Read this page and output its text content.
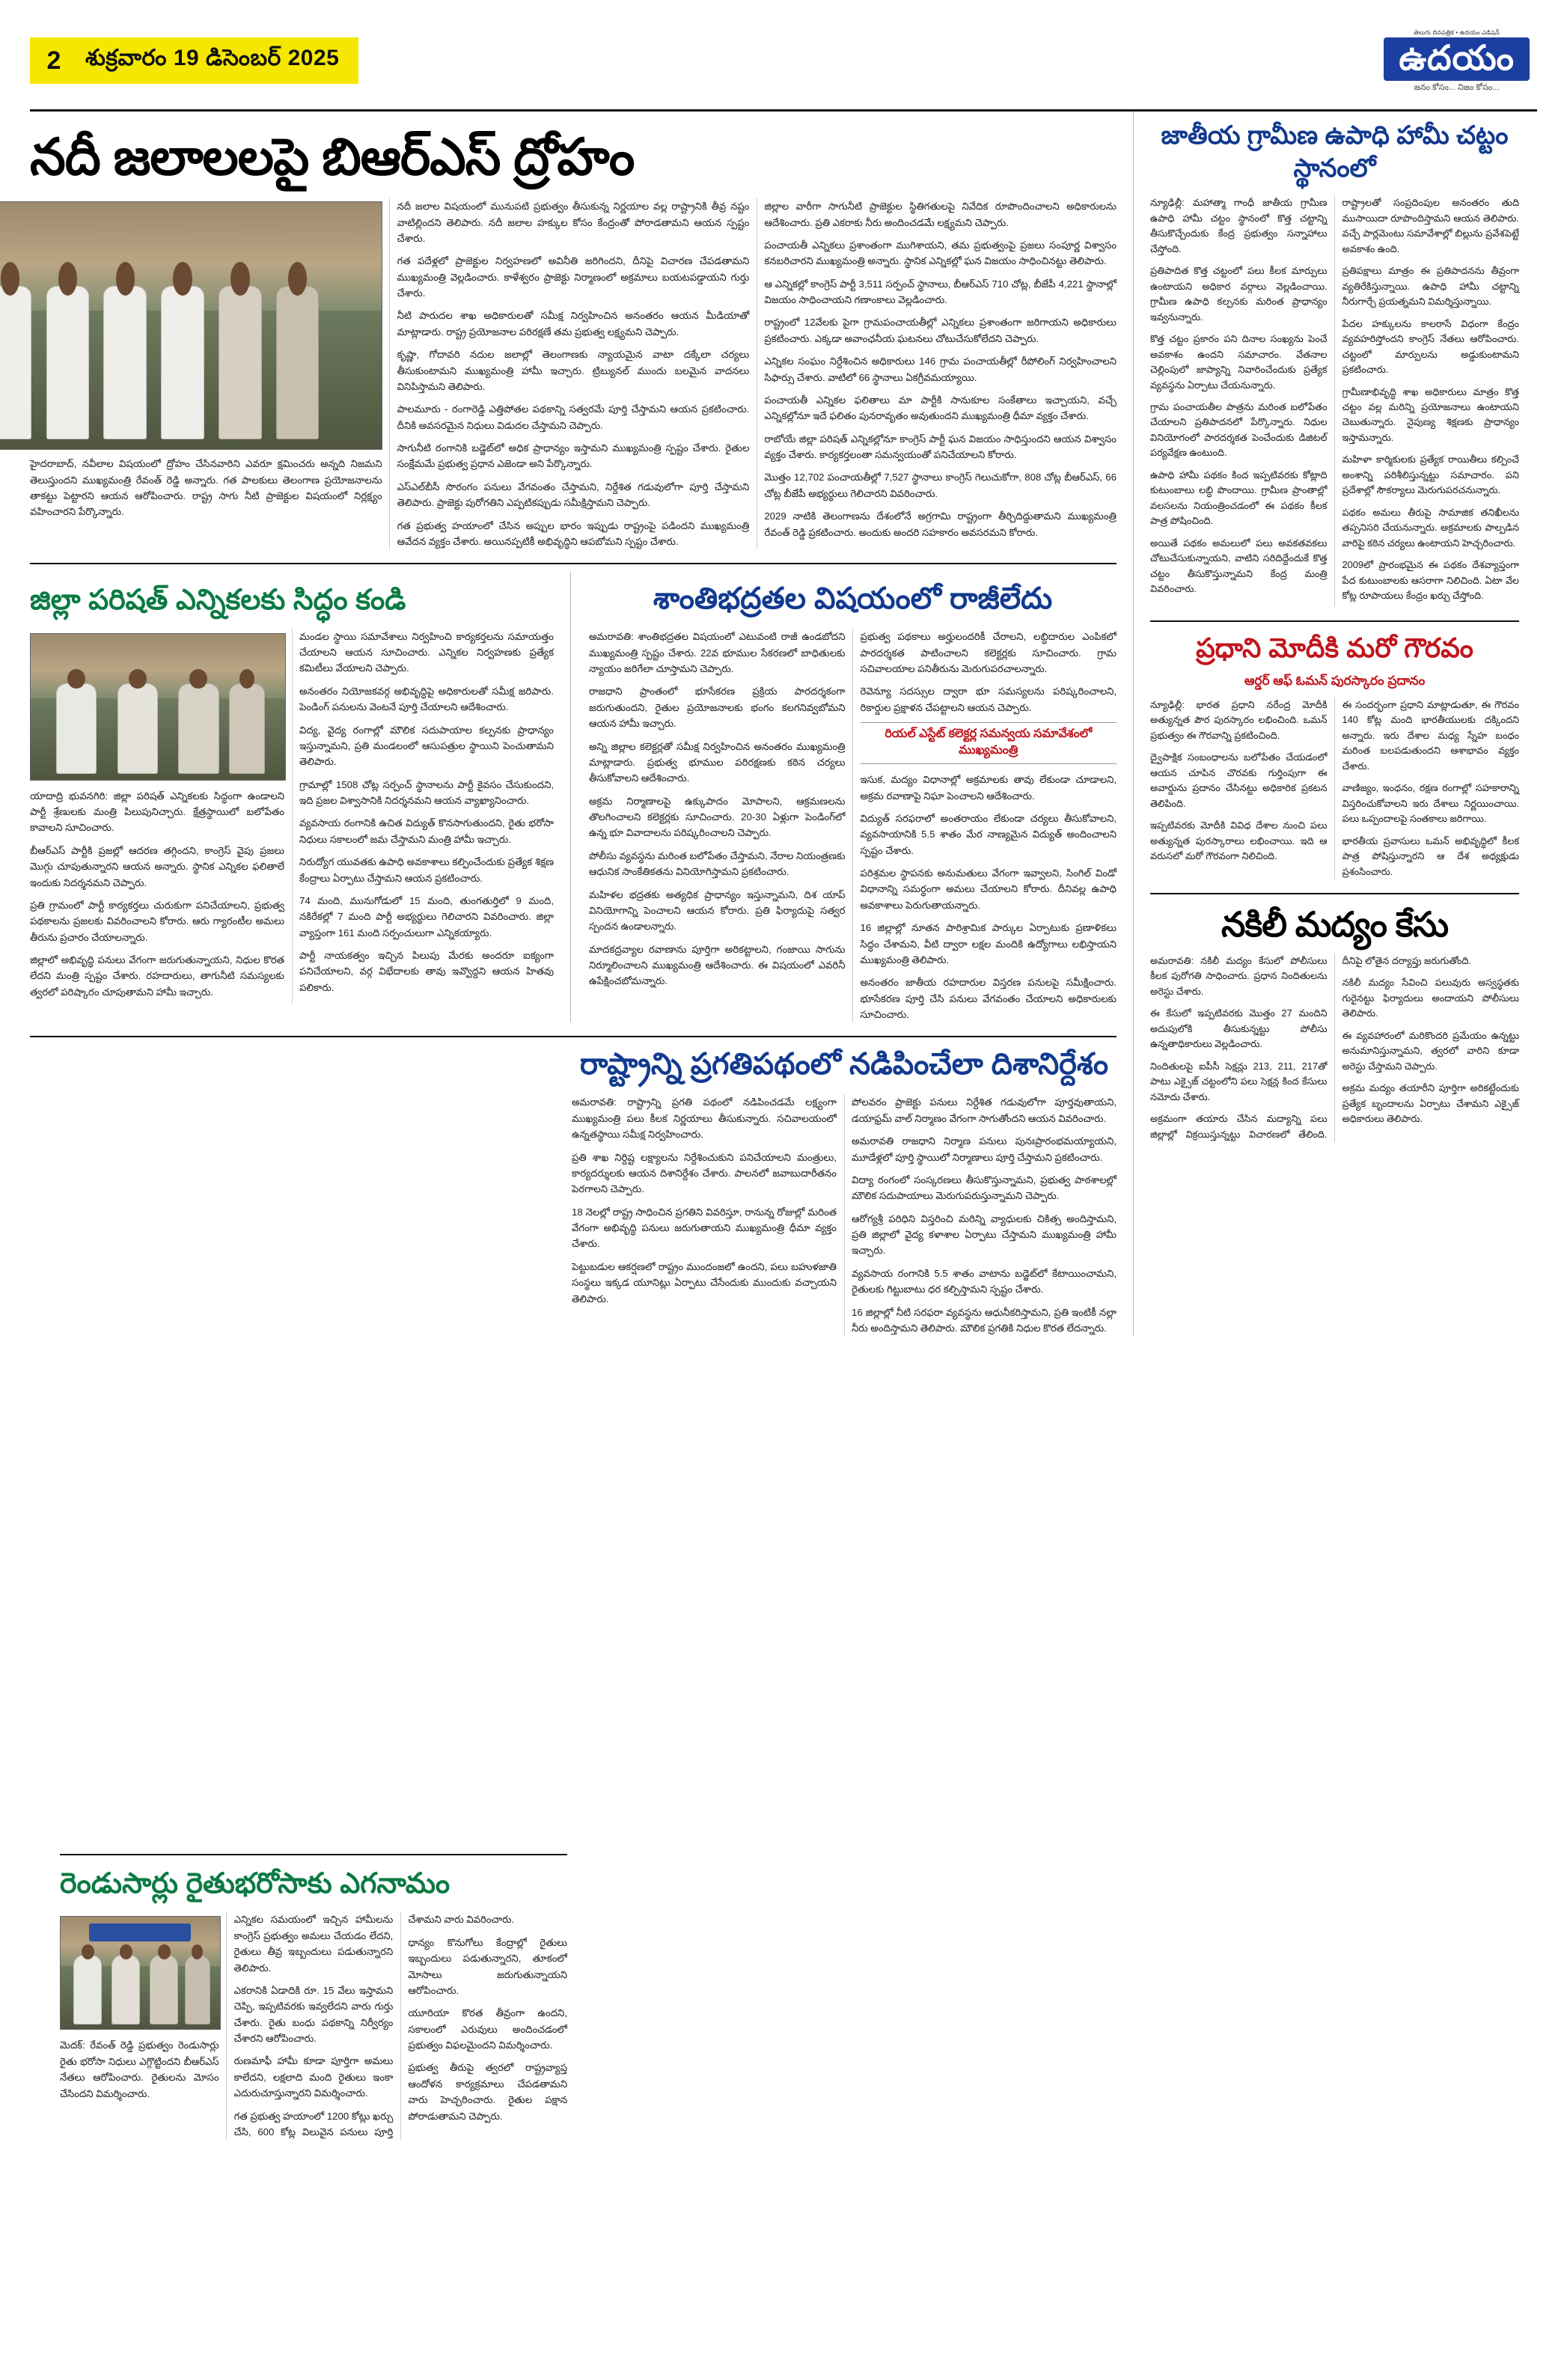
2	శుక్రవారం 19 డిసెంబర్ 2025
తెలుగు దినపత్రిక • ఉదయం ఎడిషన్
ఉదయం
జనం కోసం... నిజం కోసం...
నదీ జలాలలపై బిఆర్ఎస్ ద్రోహం

హైదరాబాద్, నవీలాల విషయంలో ద్రోహం చేసినవారిని ఎవరూ క్షమించరు అన్నది నిజమని తెలుస్తుందని ముఖ్యమంత్రి రేవంత్ రెడ్డి అన్నారు. గత పాలకులు తెలంగాణ ప్రయోజనాలను తాకట్టు పెట్టారని ఆయన ఆరోపించారు. రాష్ట్ర సాగు నీటి ప్రాజెక్టుల విషయంలో నిర్లక్ష్యం వహించారని పేర్కొన్నారు.

నదీ జలాల విషయంలో మునుపటి ప్రభుత్వం తీసుకున్న నిర్ణయాల వల్ల రాష్ట్రానికి తీవ్ర నష్టం వాటిల్లిందని తెలిపారు. నదీ జలాల హక్కుల కోసం కేంద్రంతో పోరాడతామని ఆయన స్పష్టం చేశారు.

గత పదేళ్లలో ప్రాజెక్టుల నిర్వహణలో అవినీతి జరిగిందని, దీనిపై విచారణ చేపడతామని ముఖ్యమంత్రి వెల్లడించారు. కాళేశ్వరం ప్రాజెక్టు నిర్మాణంలో అక్రమాలు బయటపడ్డాయని గుర్తు చేశారు.

నీటి పారుదల శాఖ అధికారులతో సమీక్ష నిర్వహించిన అనంతరం ఆయన మీడియాతో మాట్లాడారు. రాష్ట్ర ప్రయోజనాల పరిరక్షణే తమ ప్రభుత్వ లక్ష్యమని చెప్పారు.

కృష్ణా, గోదావరి నదుల జలాల్లో తెలంగాణకు న్యాయమైన వాటా దక్కేలా చర్యలు తీసుకుంటామని ముఖ్యమంత్రి హామీ ఇచ్చారు. ట్రిబ్యునల్ ముందు బలమైన వాదనలు వినిపిస్తామని తెలిపారు.

పాలమూరు - రంగారెడ్డి ఎత్తిపోతల పథకాన్ని సత్వరమే పూర్తి చేస్తామని ఆయన ప్రకటించారు. దీనికి అవసరమైన నిధులు విడుదల చేస్తామని చెప్పారు.

సాగునీటి రంగానికి బడ్జెట్‌లో అధిక ప్రాధాన్యం ఇస్తామని ముఖ్యమంత్రి స్పష్టం చేశారు. రైతుల సంక్షేమమే ప్రభుత్వ ప్రధాన ఎజెండా అని పేర్కొన్నారు.

ఎస్‌ఎల్‌బీసీ సొరంగం పనులు వేగవంతం చేస్తామని, నిర్దేశిత గడువులోగా పూర్తి చేస్తామని తెలిపారు. ప్రాజెక్టు పురోగతిని ఎప్పటికప్పుడు సమీక్షిస్తామని చెప్పారు.

గత ప్రభుత్వ హయాంలో చేసిన అప్పుల భారం ఇప్పుడు రాష్ట్రంపై పడిందని ముఖ్యమంత్రి ఆవేదన వ్యక్తం చేశారు. అయినప్పటికీ అభివృద్ధిని ఆపబోమని స్పష్టం చేశారు.

జిల్లాల వారీగా సాగునీటి ప్రాజెక్టుల స్థితిగతులపై నివేదిక రూపొందించాలని అధికారులను ఆదేశించారు. ప్రతి ఎకరాకు నీరు అందించడమే లక్ష్యమని చెప్పారు.

పంచాయతీ ఎన్నికలు ప్రశాంతంగా ముగిశాయని, తమ ప్రభుత్వంపై ప్రజలు సంపూర్ణ విశ్వాసం కనబరిచారని ముఖ్యమంత్రి అన్నారు. స్థానిక ఎన్నికల్లో ఘన విజయం సాధించినట్టు తెలిపారు.

ఆ ఎన్నికల్లో కాంగ్రెస్ పార్టీ 3,511 సర్పంచ్ స్థానాలు, బీఆర్ఎస్ 710 చోట్ల, బీజేపీ 4,221 స్థానాల్లో విజయం సాధించాయని గణాంకాలు వెల్లడించారు.

రాష్ట్రంలో 12వేలకు పైగా గ్రామపంచాయతీల్లో ఎన్నికలు ప్రశాంతంగా జరిగాయని అధికారులు ప్రకటించారు. ఎక్కడా అవాంఛనీయ ఘటనలు చోటుచేసుకోలేదని చెప్పారు.

ఎన్నికల సంఘం నిర్దేశించిన అధికారులు 146 గ్రామ పంచాయతీల్లో రీపోలింగ్ నిర్వహించాలని సిఫార్సు చేశారు. వాటిలో 66 స్థానాలు ఏకగ్రీవమయ్యాయి.

పంచాయతీ ఎన్నికల ఫలితాలు మా పార్టీకి సానుకూల సంకేతాలు ఇచ్చాయని, వచ్చే ఎన్నికల్లోనూ ఇదే ఫలితం పునరావృతం అవుతుందని ముఖ్యమంత్రి ధీమా వ్యక్తం చేశారు.

రాబోయే జిల్లా పరిషత్ ఎన్నికల్లోనూ కాంగ్రెస్ పార్టీ ఘన విజయం సాధిస్తుందని ఆయన విశ్వాసం వ్యక్తం చేశారు. కార్యకర్తలంతా సమన్వయంతో పనిచేయాలని కోరారు.

మొత్తం 12,702 పంచాయతీల్లో 7,527 స్థానాలు కాంగ్రెస్ గెలుచుకోగా, 808 చోట్ల బీఆర్ఎస్, 66 చోట్ల బీజేపీ అభ్యర్థులు గెలిచారని వివరించారు.

2029 నాటికి తెలంగాణను దేశంలోనే అగ్రగామి రాష్ట్రంగా తీర్చిదిద్దుతామని ముఖ్యమంత్రి రేవంత్ రెడ్డి ప్రకటించారు. అందుకు అందరి సహకారం అవసరమని కోరారు.

జిల్లా పరిషత్ ఎన్నికలకు సిద్ధం కండి

యాదాద్రి భువనగిరి: జిల్లా పరిషత్ ఎన్నికలకు సిద్ధంగా ఉండాలని పార్టీ శ్రేణులకు మంత్రి పిలుపునిచ్చారు. క్షేత్రస్థాయిలో బలోపేతం కావాలని సూచించారు.

బీఆర్ఎస్ పార్టీకి ప్రజల్లో ఆదరణ తగ్గిందని, కాంగ్రెస్ వైపు ప్రజలు మొగ్గు చూపుతున్నారని ఆయన అన్నారు. స్థానిక ఎన్నికల ఫలితాలే ఇందుకు నిదర్శనమని చెప్పారు.

ప్రతి గ్రామంలో పార్టీ కార్యకర్తలు చురుకుగా పనిచేయాలని, ప్రభుత్వ పథకాలను ప్రజలకు వివరించాలని కోరారు. ఆరు గ్యారంటీల అమలు తీరును ప్రచారం చేయాలన్నారు.

జిల్లాలో అభివృద్ధి పనులు వేగంగా జరుగుతున్నాయని, నిధుల కొరత లేదని మంత్రి స్పష్టం చేశారు. రహదారులు, తాగునీటి సమస్యలకు త్వరలో పరిష్కారం చూపుతామని హామీ ఇచ్చారు.

మండల స్థాయి సమావేశాలు నిర్వహించి కార్యకర్తలను సమాయత్తం చేయాలని ఆయన సూచించారు. ఎన్నికల నిర్వహణకు ప్రత్యేక కమిటీలు వేయాలని చెప్పారు.

అనంతరం నియోజకవర్గ అభివృద్ధిపై అధికారులతో సమీక్ష జరిపారు. పెండింగ్ పనులను వెంటనే పూర్తి చేయాలని ఆదేశించారు.

విద్య, వైద్య రంగాల్లో మౌలిక సదుపాయాల కల్పనకు ప్రాధాన్యం ఇస్తున్నామని, ప్రతి మండలంలో ఆసుపత్రుల స్థాయిని పెంచుతామని తెలిపారు.

గ్రామాల్లో 1508 చోట్ల సర్పంచ్ స్థానాలను పార్టీ కైవసం చేసుకుందని, ఇది ప్రజల విశ్వాసానికి నిదర్శనమని ఆయన వ్యాఖ్యానించారు.

వ్యవసాయ రంగానికి ఉచిత విద్యుత్ కొనసాగుతుందని, రైతు భరోసా నిధులు సకాలంలో జమ చేస్తామని మంత్రి హామీ ఇచ్చారు.

నిరుద్యోగ యువతకు ఉపాధి అవకాశాలు కల్పించేందుకు ప్రత్యేక శిక్షణ కేంద్రాలు ఏర్పాటు చేస్తామని ఆయన ప్రకటించారు.

74 మంది, మునుగోడులో 15 మంది, తుంగతుర్తిలో 9 మంది, నకిరేకల్లో 7 మంది పార్టీ అభ్యర్థులు గెలిచారని వివరించారు. జిల్లా వ్యాప్తంగా 161 మంది సర్పంచులుగా ఎన్నికయ్యారు.

పార్టీ నాయకత్వం ఇచ్చిన పిలుపు మేరకు అందరూ ఐక్యంగా పనిచేయాలని, వర్గ విభేదాలకు తావు ఇవ్వొద్దని ఆయన హితవు పలికారు.

శాంతిభద్రతల విషయంలో రాజీలేదు

అమరావతి: శాంతిభద్రతల విషయంలో ఎటువంటి రాజీ ఉండబోదని ముఖ్యమంత్రి స్పష్టం చేశారు. 22వ భూముల సేకరణలో బాధితులకు న్యాయం జరిగేలా చూస్తామని చెప్పారు.

రాజధాని ప్రాంతంలో భూసేకరణ ప్రక్రియ పారదర్శకంగా జరుగుతుందని, రైతుల ప్రయోజనాలకు భంగం కలగనివ్వబోమని ఆయన హామీ ఇచ్చారు.

అన్ని జిల్లాల కలెక్టర్లతో సమీక్ష నిర్వహించిన అనంతరం ముఖ్యమంత్రి మాట్లాడారు. ప్రభుత్వ భూముల పరిరక్షణకు కఠిన చర్యలు తీసుకోవాలని ఆదేశించారు.

అక్రమ నిర్మాణాలపై ఉక్కుపాదం మోపాలని, ఆక్రమణలను తొలగించాలని కలెక్టర్లకు సూచించారు. 20-30 ఏళ్లుగా పెండింగ్‌లో ఉన్న భూ వివాదాలను పరిష్కరించాలని చెప్పారు.

పోలీసు వ్యవస్థను మరింత బలోపేతం చేస్తామని, నేరాల నియంత్రణకు ఆధునిక సాంకేతికతను వినియోగిస్తామని ప్రకటించారు.

మహిళల భద్రతకు అత్యధిక ప్రాధాన్యం ఇస్తున్నామని, దిశ యాప్ వినియోగాన్ని పెంచాలని ఆయన కోరారు. ప్రతి ఫిర్యాదుపై సత్వర స్పందన ఉండాలన్నారు.

మాదకద్రవ్యాల రవాణాను పూర్తిగా అరికట్టాలని, గంజాయి సాగును నిర్మూలించాలని ముఖ్యమంత్రి ఆదేశించారు. ఈ విషయంలో ఎవరినీ ఉపేక్షించబోమన్నారు.

ప్రభుత్వ పథకాలు అర్హులందరికీ చేరాలని, లబ్ధిదారుల ఎంపికలో పారదర్శకత పాటించాలని కలెక్టర్లకు సూచించారు. గ్రామ సచివాలయాల పనితీరును మెరుగుపరచాలన్నారు.

రెవెన్యూ సదస్సుల ద్వారా భూ సమస్యలను పరిష్కరించాలని, రికార్డుల ప్రక్షాళన చేపట్టాలని ఆయన చెప్పారు.

రియల్ ఎస్టేట్ కలెక్టర్ల సమన్వయ సమావేశంలో ముఖ్యమంత్రి

ఇసుక, మద్యం విధానాల్లో అక్రమాలకు తావు లేకుండా చూడాలని, అక్రమ రవాణాపై నిఘా పెంచాలని ఆదేశించారు.

విద్యుత్ సరఫరాలో అంతరాయం లేకుండా చర్యలు తీసుకోవాలని, వ్యవసాయానికి 5.5 శాతం మేర నాణ్యమైన విద్యుత్ అందించాలని స్పష్టం చేశారు.

పరిశ్రమల స్థాపనకు అనుమతులు వేగంగా ఇవ్వాలని, సింగిల్ విండో విధానాన్ని సమర్థంగా అమలు చేయాలని కోరారు. దీనివల్ల ఉపాధి అవకాశాలు పెరుగుతాయన్నారు.

16 జిల్లాల్లో నూతన పారిశ్రామిక పార్కుల ఏర్పాటుకు ప్రణాళికలు సిద్ధం చేశామని, వీటి ద్వారా లక్షల మందికి ఉద్యోగాలు లభిస్తాయని ముఖ్యమంత్రి తెలిపారు.

అనంతరం జాతీయ రహదారుల విస్తరణ పనులపై సమీక్షించారు. భూసేకరణ పూర్తి చేసి పనులు వేగవంతం చేయాలని అధికారులకు సూచించారు.

రాష్ట్రాన్ని ప్రగతిపథంలో నడిపించేలా దిశానిర్దేశం

అమరావతి: రాష్ట్రాన్ని ప్రగతి పథంలో నడిపించడమే లక్ష్యంగా ముఖ్యమంత్రి పలు కీలక నిర్ణయాలు తీసుకున్నారు. సచివాలయంలో ఉన్నతస్థాయి సమీక్ష నిర్వహించారు.

ప్రతి శాఖ నిర్దిష్ట లక్ష్యాలను నిర్దేశించుకుని పనిచేయాలని మంత్రులు, కార్యదర్శులకు ఆయన దిశానిర్దేశం చేశారు. పాలనలో జవాబుదారీతనం పెరగాలని చెప్పారు.

18 నెలల్లో రాష్ట్ర సాధించిన ప్రగతిని వివరిస్తూ, రానున్న రోజుల్లో మరింత వేగంగా అభివృద్ధి పనులు జరుగుతాయని ముఖ్యమంత్రి ధీమా వ్యక్తం చేశారు.

పెట్టుబడుల ఆకర్షణలో రాష్ట్రం ముందంజలో ఉందని, పలు బహుళజాతి సంస్థలు ఇక్కడ యూనిట్లు ఏర్పాటు చేసేందుకు ముందుకు వచ్చాయని తెలిపారు.

పోలవరం ప్రాజెక్టు పనులు నిర్దేశిత గడువులోగా పూర్తవుతాయని, డయాఫ్రమ్ వాల్ నిర్మాణం వేగంగా సాగుతోందని ఆయన వివరించారు.

అమరావతి రాజధాని నిర్మాణ పనులు పునఃప్రారంభమయ్యాయని, మూడేళ్లలో పూర్తి స్థాయిలో నిర్మాణాలు పూర్తి చేస్తామని ప్రకటించారు.

విద్యా రంగంలో సంస్కరణలు తీసుకొస్తున్నామని, ప్రభుత్వ పాఠశాలల్లో మౌలిక సదుపాయాలు మెరుగుపరుస్తున్నామని చెప్పారు.

ఆరోగ్యశ్రీ పరిధిని విస్తరించి మరిన్ని వ్యాధులకు చికిత్స అందిస్తామని, ప్రతి జిల్లాలో వైద్య కళాశాల ఏర్పాటు చేస్తామని ముఖ్యమంత్రి హామీ ఇచ్చారు.

వ్యవసాయ రంగానికి 5.5 శాతం వాటాను బడ్జెట్‌లో కేటాయించామని, రైతులకు గిట్టుబాటు ధర కల్పిస్తామని స్పష్టం చేశారు.

16 జిల్లాల్లో నీటి సరఫరా వ్యవస్థను ఆధునీకరిస్తామని, ప్రతి ఇంటికీ నల్లా నీరు అందిస్తామని తెలిపారు. మౌలిక ప్రగతికి నిధుల కొరత లేదన్నారు.

రెండుసార్లు రైతుభరోసాకు ఎగనామం

మెదక్: రేవంత్ రెడ్డి ప్రభుత్వం రెండుసార్లు రైతు భరోసా నిధులు ఎగ్గొట్టిందని బీఆర్ఎస్ నేతలు ఆరోపించారు. రైతులను మోసం చేసిందని విమర్శించారు.

ఎన్నికల సమయంలో ఇచ్చిన హామీలను కాంగ్రెస్ ప్రభుత్వం అమలు చేయడం లేదని, రైతులు తీవ్ర ఇబ్బందులు పడుతున్నారని తెలిపారు.

ఎకరానికి ఏడాదికి రూ. 15 వేలు ఇస్తామని చెప్పి, ఇప్పటివరకు ఇవ్వలేదని వారు గుర్తు చేశారు. రైతు బంధు పథకాన్ని నిర్వీర్యం చేశారని ఆరోపించారు.

రుణమాఫీ హామీ కూడా పూర్తిగా అమలు కాలేదని, లక్షలాది మంది రైతులు ఇంకా ఎదురుచూస్తున్నారని విమర్శించారు.

గత ప్రభుత్వ హయాంలో 1200 కోట్లు ఖర్చు చేసి, 600 కోట్ల విలువైన పనులు పూర్తి చేశామని వారు వివరించారు.

ధాన్యం కొనుగోలు కేంద్రాల్లో రైతులు ఇబ్బందులు పడుతున్నారని, తూకంలో మోసాలు జరుగుతున్నాయని ఆరోపించారు.

యూరియా కొరత తీవ్రంగా ఉందని, సకాలంలో ఎరువులు అందించడంలో ప్రభుత్వం విఫలమైందని విమర్శించారు.

ప్రభుత్వ తీరుపై త్వరలో రాష్ట్రవ్యాప్త ఆందోళన కార్యక్రమాలు చేపడతామని వారు హెచ్చరించారు. రైతుల పక్షాన పోరాడుతామని చెప్పారు.

జాతీయ గ్రామీణ ఉపాధి హామీ చట్టం స్థానంలో

న్యూఢిల్లీ: మహాత్మా గాంధీ జాతీయ గ్రామీణ ఉపాధి హామీ చట్టం స్థానంలో కొత్త చట్టాన్ని తీసుకొచ్చేందుకు కేంద్ర ప్రభుత్వం సన్నాహాలు చేస్తోంది.

ప్రతిపాదిత కొత్త చట్టంలో పలు కీలక మార్పులు ఉంటాయని అధికార వర్గాలు వెల్లడించాయి. గ్రామీణ ఉపాధి కల్పనకు మరింత ప్రాధాన్యం ఇవ్వనున్నారు.

కొత్త చట్టం ప్రకారం పని దినాల సంఖ్యను పెంచే అవకాశం ఉందని సమాచారం. వేతనాల చెల్లింపులో జాప్యాన్ని నివారించేందుకు ప్రత్యేక వ్యవస్థను ఏర్పాటు చేయనున్నారు.

గ్రామ పంచాయతీల పాత్రను మరింత బలోపేతం చేయాలని ప్రతిపాదనలో పేర్కొన్నారు. నిధుల వినియోగంలో పారదర్శకత పెంచేందుకు డిజిటల్ పర్యవేక్షణ ఉంటుంది.

ఉపాధి హామీ పథకం కింద ఇప్పటివరకు కోట్లాది కుటుంబాలు లబ్ధి పొందాయి. గ్రామీణ ప్రాంతాల్లో వలసలను నియంత్రించడంలో ఈ పథకం కీలక పాత్ర పోషించింది.

అయితే పథకం అమలులో పలు అవకతవకలు చోటుచేసుకున్నాయని, వాటిని సరిదిద్దేందుకే కొత్త చట్టం తీసుకొస్తున్నామని కేంద్ర మంత్రి వివరించారు.

రాష్ట్రాలతో సంప్రదింపుల అనంతరం తుది ముసాయిదా రూపొందిస్తామని ఆయన తెలిపారు. వచ్చే పార్లమెంటు సమావేశాల్లో బిల్లును ప్రవేశపెట్టే అవకాశం ఉంది.

ప్రతిపక్షాలు మాత్రం ఈ ప్రతిపాదనను తీవ్రంగా వ్యతిరేకిస్తున్నాయి. ఉపాధి హామీ చట్టాన్ని నీరుగార్చే ప్రయత్నమని విమర్శిస్తున్నాయి.

పేదల హక్కులను కాలరాసే విధంగా కేంద్రం వ్యవహరిస్తోందని కాంగ్రెస్ నేతలు ఆరోపించారు. చట్టంలో మార్పులను అడ్డుకుంటామని ప్రకటించారు.

గ్రామీణాభివృద్ధి శాఖ అధికారులు మాత్రం కొత్త చట్టం వల్ల మరిన్ని ప్రయోజనాలు ఉంటాయని చెబుతున్నారు. నైపుణ్య శిక్షణకు ప్రాధాన్యం ఇస్తామన్నారు.

మహిళా కార్మికులకు ప్రత్యేక రాయితీలు కల్పించే అంశాన్ని పరిశీలిస్తున్నట్టు సమాచారం. పని ప్రదేశాల్లో సౌకర్యాలు మెరుగుపరచనున్నారు.

పథకం అమలు తీరుపై సామాజిక తనిఖీలను తప్పనిసరి చేయనున్నారు. అక్రమాలకు పాల్పడిన వారిపై కఠిన చర్యలు ఉంటాయని హెచ్చరించారు.

2009లో ప్రారంభమైన ఈ పథకం దేశవ్యాప్తంగా పేద కుటుంబాలకు ఆసరాగా నిలిచింది. ఏటా వేల కోట్ల రూపాయలు కేంద్రం ఖర్చు చేస్తోంది.

ప్రధాని మోదీకి మరో గౌరవం
ఆర్డర్ ఆఫ్ ఓమన్ పురస్కారం ప్రదానం

న్యూఢిల్లీ: భారత ప్రధాని నరేంద్ర మోదీకి అత్యున్నత పౌర పురస్కారం లభించింది. ఒమన్ ప్రభుత్వం ఈ గౌరవాన్ని ప్రకటించింది.

ద్వైపాక్షిక సంబంధాలను బలోపేతం చేయడంలో ఆయన చూపిన చొరవకు గుర్తింపుగా ఈ అవార్డును ప్రదానం చేసినట్టు అధికారిక ప్రకటన తెలిపింది.

ఇప్పటివరకు మోదీకి వివిధ దేశాల నుంచి పలు అత్యున్నత పురస్కారాలు లభించాయి. ఇది ఆ వరుసలో మరో గౌరవంగా నిలిచింది.

ఈ సందర్భంగా ప్రధాని మాట్లాడుతూ, ఈ గౌరవం 140 కోట్ల మంది భారతీయులకు దక్కిందని అన్నారు. ఇరు దేశాల మధ్య స్నేహ బంధం మరింత బలపడుతుందని ఆశాభావం వ్యక్తం చేశారు.

వాణిజ్యం, ఇంధనం, రక్షణ రంగాల్లో సహకారాన్ని విస్తరించుకోవాలని ఇరు దేశాలు నిర్ణయించాయి. పలు ఒప్పందాలపై సంతకాలు జరిగాయి.

భారతీయ ప్రవాసులు ఒమన్ అభివృద్ధిలో కీలక పాత్ర పోషిస్తున్నారని ఆ దేశ అధ్యక్షుడు ప్రశంసించారు.

నకిలీ మద్యం కేసు

అమరావతి: నకిలీ మద్యం కేసులో పోలీసులు కీలక పురోగతి సాధించారు. ప్రధాన నిందితులను అరెస్టు చేశారు.

ఈ కేసులో ఇప్పటివరకు మొత్తం 27 మందిని అదుపులోకి తీసుకున్నట్టు పోలీసు ఉన్నతాధికారులు వెల్లడించారు.

నిందితులపై ఐపీసీ సెక్షన్లు 213, 211, 217తో పాటు ఎక్సైజ్ చట్టంలోని పలు సెక్షన్ల కింద కేసులు నమోదు చేశారు.

అక్రమంగా తయారు చేసిన మద్యాన్ని పలు జిల్లాల్లో విక్రయిస్తున్నట్టు విచారణలో తేలింది. దీనిపై లోతైన దర్యాప్తు జరుగుతోంది.

నకిలీ మద్యం సేవించి పలువురు అస్వస్థతకు గురైనట్టు ఫిర్యాదులు అందాయని పోలీసులు తెలిపారు.

ఈ వ్యవహారంలో మరికొందరి ప్రమేయం ఉన్నట్టు అనుమానిస్తున్నామని, త్వరలో వారిని కూడా అరెస్టు చేస్తామని చెప్పారు.

అక్రమ మద్యం తయారీని పూర్తిగా అరికట్టేందుకు ప్రత్యేక బృందాలను ఏర్పాటు చేశామని ఎక్సైజ్ అధికారులు తెలిపారు.
